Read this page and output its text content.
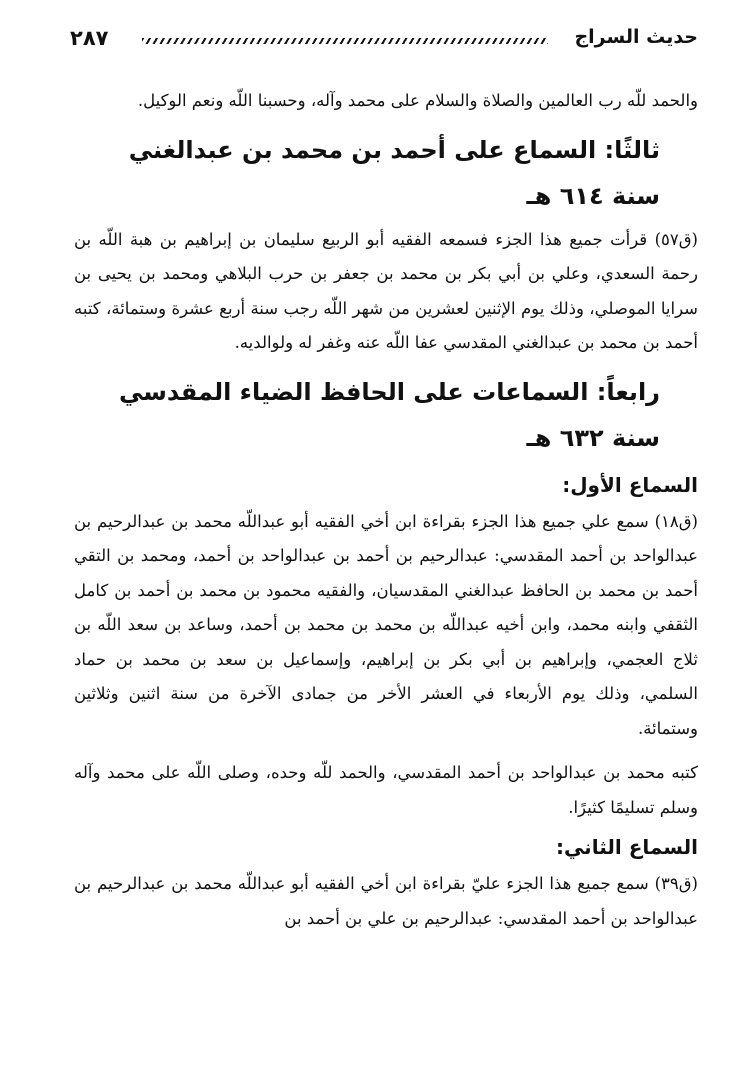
حديث السراج
٢٨٧

والحمد للّه رب العالمين والصلاة والسلام على محمد وآله، وحسبنا اللّه ونعم الوكيل.

ثالثًا: السماع على أحمد بن محمد بن عبدالغني سنة ٦١٤ هـ

(ق٥٧) قرأت جميع هذا الجزء فسمعه الفقيه أبو الربيع سليمان بن إبراهيم بن هبة اللّه بن رحمة السعدي، وعلي بن أبي بكر بن محمد بن جعفر بن حرب البلاهي ومحمد بن يحيى بن سرايا الموصلي، وذلك يوم الإثنين لعشرين من شهر اللّه رجب سنة أربع عشرة وستمائة، كتبه أحمد بن محمد بن عبدالغني المقدسي عفا اللّه عنه وغفر له ولوالديه.

رابعاً: السماعات على الحافظ الضياء المقدسي سنة ٦٣٢ هـ
السماع الأول:

(ق١٨) سمع علي جميع هذا الجزء بقراءة ابن أخي الفقيه أبو عبداللّه محمد بن عبدالرحيم بن عبدالواحد بن أحمد المقدسي: عبدالرحيم بن أحمد بن عبدالواحد بن أحمد، ومحمد بن التقي أحمد بن محمد بن الحافظ عبدالغني المقدسيان، والفقيه محمود بن محمد بن أحمد بن كامل الثقفي وابنه محمد، وابن أخيه عبداللّه بن محمد بن محمد بن أحمد، وساعد بن سعد اللّه بن ثلاج العجمي، وإبراهيم بن أبي بكر بن إبراهيم، وإسماعيل بن سعد بن محمد بن حماد السلمي، وذلك يوم الأربعاء في العشر الأخر من جمادى الآخرة من سنة اثنين وثلاثين وستمائة.

كتبه محمد بن عبدالواحد بن أحمد المقدسي، والحمد للّه وحده، وصلى اللّه على محمد وآله وسلم تسليمًا كثيرًا.

السماع الثاني:

(ق٣٩) سمع جميع هذا الجزء عليّ بقراءة ابن أخي الفقيه أبو عبداللّه محمد بن عبدالرحيم بن عبدالواحد بن أحمد المقدسي: عبدالرحيم بن علي بن أحمد بن
